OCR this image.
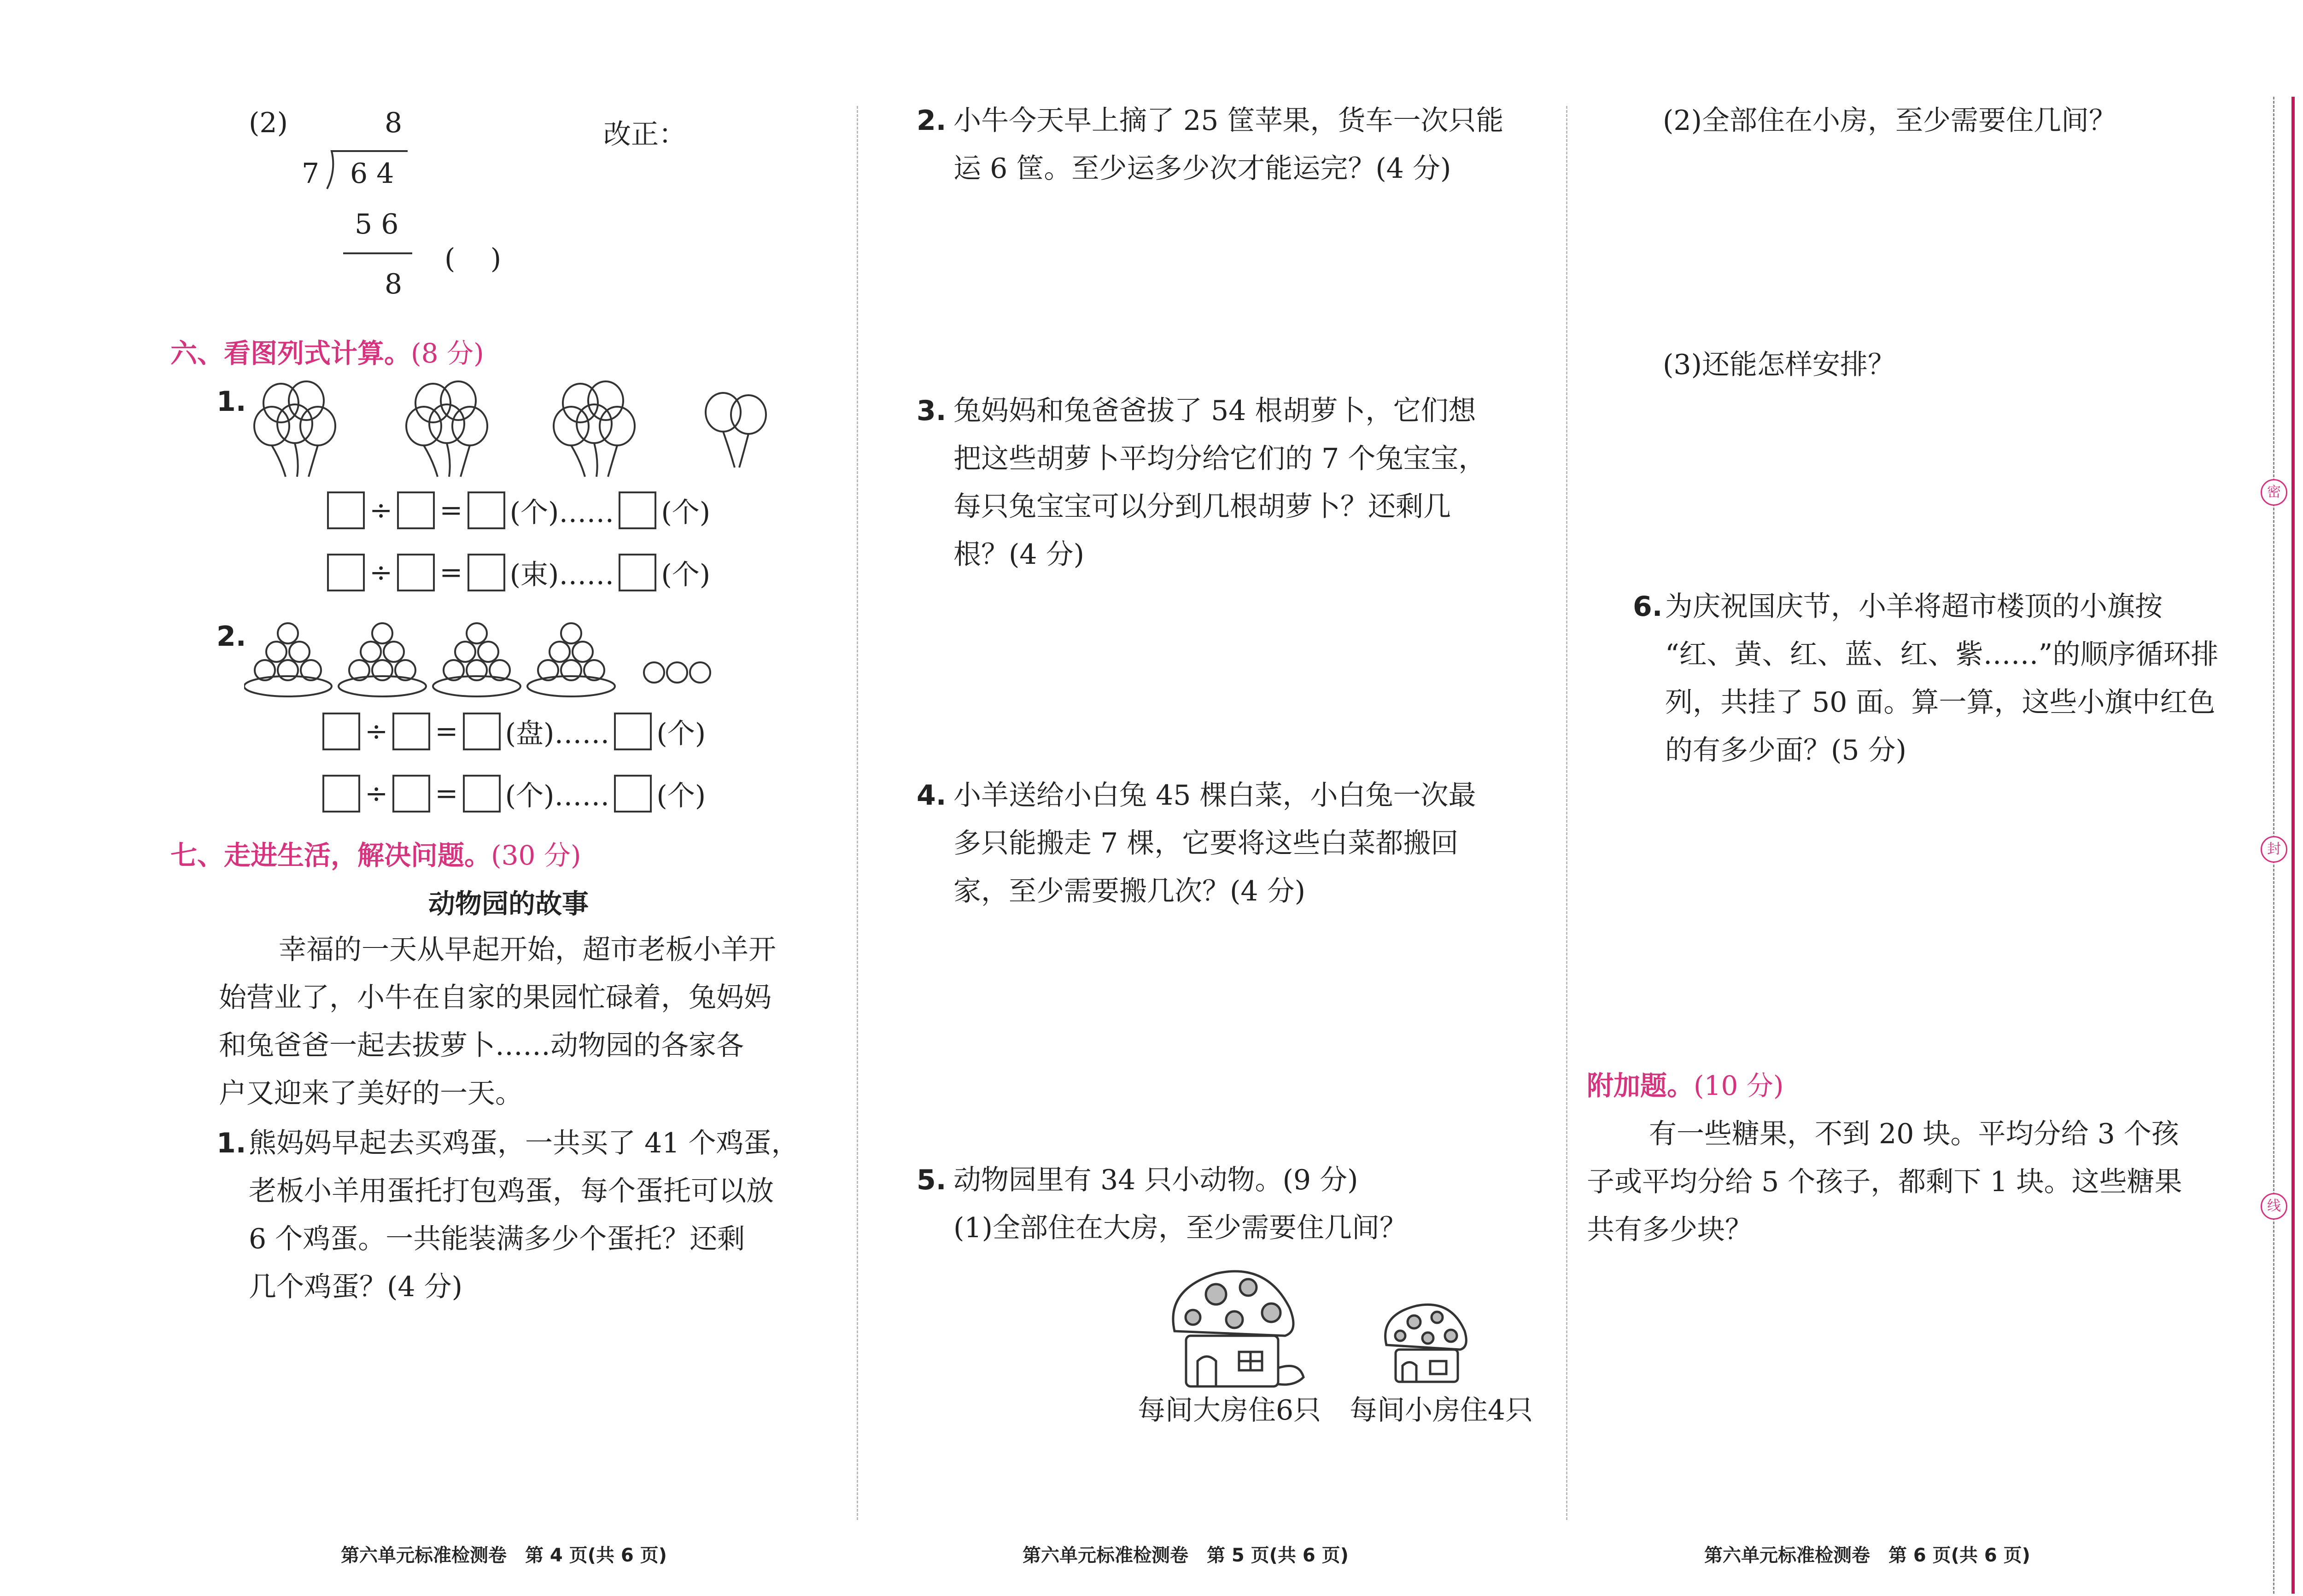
(2)	8
7 6 4
5 6
8
(    )
改正：
六、看图列式计算。(8 分)
1.
÷ = (个)…… (个)
÷ = (束)…… (个)
2.
÷ = (盘)…… (个)
÷ = (个)…… (个)
七、走进生活，解决问题。(30 分)
动物园的故事
幸福的一天从早起开始，超市老板小羊开
始营业了，小牛在自家的果园忙碌着，兔妈妈
和兔爸爸一起去拔萝卜……动物园的各家各
户又迎来了美好的一天。
1. 熊妈妈早起去买鸡蛋，一共买了 41 个鸡蛋，
老板小羊用蛋托打包鸡蛋，每个蛋托可以放
6 个鸡蛋。一共能装满多少个蛋托？还剩
几个鸡蛋？(4 分)
第六单元标准检测卷　第 4 页(共 6 页)
2. 小牛今天早上摘了 25 筐苹果，货车一次只能
运 6 筐。至少运多少次才能运完？(4 分)
3. 兔妈妈和兔爸爸拔了 54 根胡萝卜，它们想
把这些胡萝卜平均分给它们的 7 个兔宝宝，
每只兔宝宝可以分到几根胡萝卜？还剩几
根？(4 分)
4. 小羊送给小白兔 45 棵白菜，小白兔一次最
多只能搬走 7 棵，它要将这些白菜都搬回
家，至少需要搬几次？(4 分)
5. 动物园里有 34 只小动物。(9 分)
(1)全部住在大房，至少需要住几间？
每间大房住6只 每间小房住4只
第六单元标准检测卷　第 5 页(共 6 页)
(2)全部住在小房，至少需要住几间？
(3)还能怎样安排？
6. 为庆祝国庆节，小羊将超市楼顶的小旗按
“红、黄、红、蓝、红、紫……”的顺序循环排
列，共挂了 50 面。算一算，这些小旗中红色
的有多少面？(5 分)
附加题。(10 分)
有一些糖果，不到 20 块。平均分给 3 个孩
子或平均分给 5 个孩子，都剩下 1 块。这些糖果
共有多少块？
第六单元标准检测卷　第 6 页(共 6 页)
密
封
线
